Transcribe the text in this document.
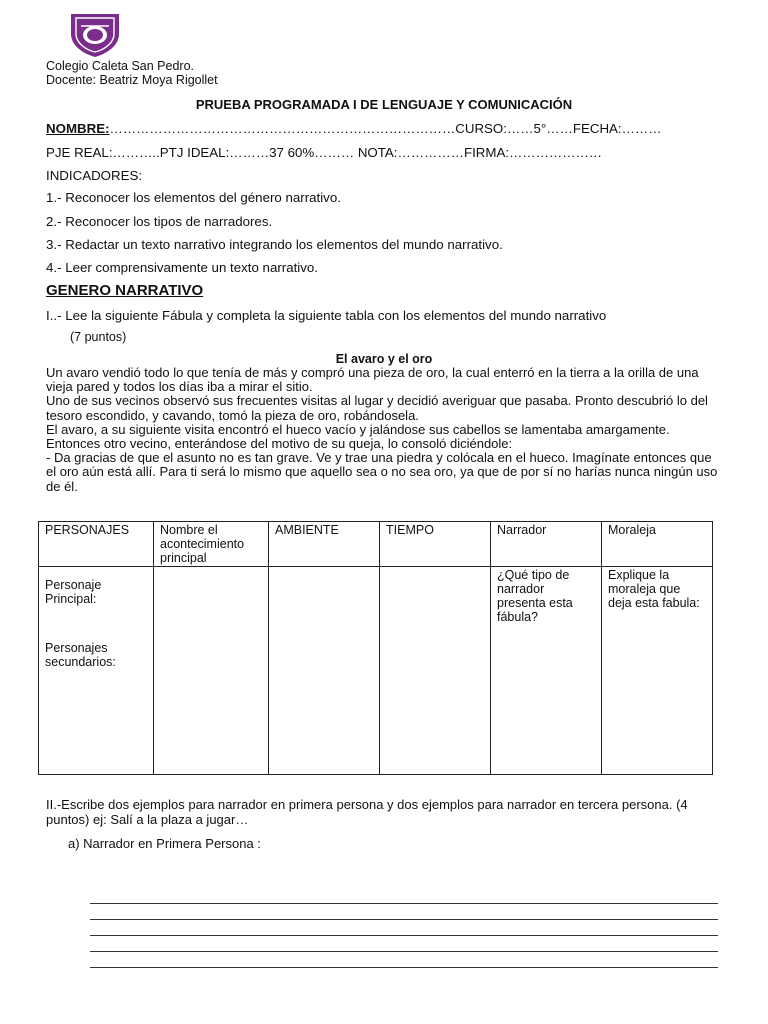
Colegio Caleta San Pedro.
Docente: Beatriz Moya Rigollet
PRUEBA PROGRAMADA I DE LENGUAJE Y COMUNICACIÓN
NOMBRE:……………………………………………………………………CURSO:……5°……FECHA:………
PJE REAL:………..PTJ IDEAL:………37 60%……… NOTA:……………FIRMA:…………………
INDICADORES:
1.- Reconocer los elementos del género narrativo.
2.- Reconocer los tipos de narradores.
3.- Redactar un texto narrativo integrando los elementos del mundo narrativo.
4.- Leer comprensivamente un texto narrativo.
GENERO NARRATIVO
I..- Lee la siguiente Fábula y completa la siguiente tabla con los elementos del mundo narrativo
(7 puntos)
El avaro y el oro

Un avaro vendió todo lo que tenía de más y compró una pieza de oro, la cual enterró en la tierra a la orilla de una vieja pared y todos los días iba a mirar el sitio.

Uno de sus vecinos observó sus frecuentes visitas al lugar y decidió averiguar que pasaba. Pronto descubrió lo del tesoro escondido, y cavando, tomó la pieza de oro, robándosela.

El avaro, a su siguiente visita encontró el hueco vacío y jalándose sus cabellos se lamentaba amargamente.

Entonces otro vecino, enterándose del motivo de su queja, lo consoló diciéndole:

- Da gracias de que el asunto no es tan grave. Ve y trae una piedra y colócala en el hueco. Imagínate entonces que el oro aún está allí. Para ti será lo mismo que aquello sea o no sea oro, ya que de por sí no harías nunca ningún uso de él.

PERSONAJES	Nombre el acontecimiento principal	AMBIENTE	TIEMPO	Narrador	Moraleja

Personaje Principal:
Personajes secundarios:				¿Qué tipo de narrador presenta esta fábula?	Explique la moraleja que deja esta fabula:
II.-Escribe dos ejemplos para narrador en primera persona y dos ejemplos para narrador en tercera persona. (4 puntos) ej: Salí a la plaza a jugar…
a) Narrador en Primera Persona :
